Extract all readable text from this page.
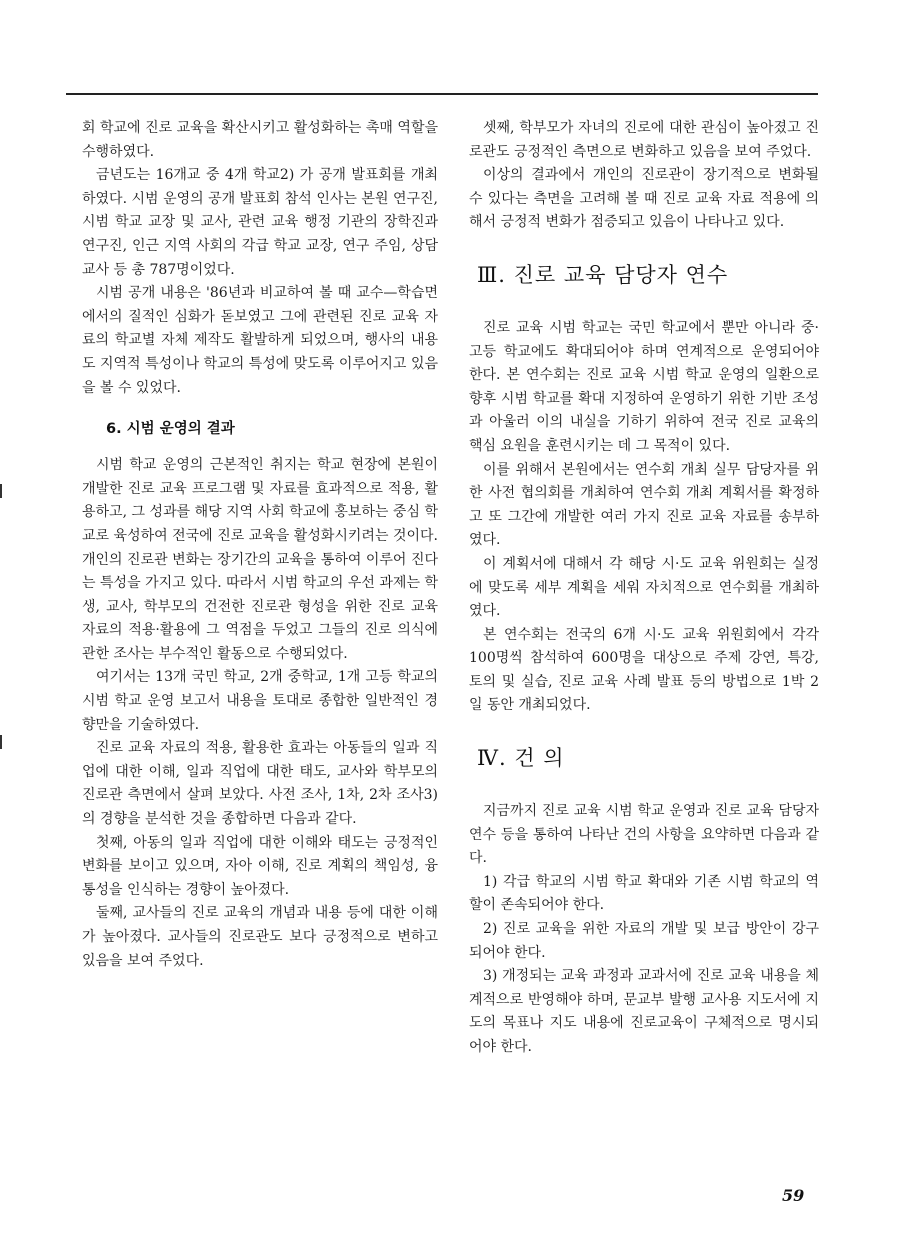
회 학교에 진로 교육을 확산시키고 활성화하는 촉매 역할을 수행하였다.

금년도는 16개교 중 4개 학교2) 가 공개 발표회를 개최하였다. 시범 운영의 공개 발표회 참석 인사는 본원 연구진, 시범 학교 교장 및 교사, 관련 교육 행정 기관의 장학진과 연구진, 인근 지역 사회의 각급 학교 교장, 연구 주임, 상담 교사 등 총 787명이었다.

시범 공개 내용은 '86년과 비교하여 볼 때 교수—학습면에서의 질적인 심화가 돋보였고 그에 관련된 진로 교육 자료의 학교별 자체 제작도 활발하게 되었으며, 행사의 내용도 지역적 특성이나 학교의 특성에 맞도록 이루어지고 있음을 볼 수 있었다.

6. 시범 운영의 결과

시범 학교 운영의 근본적인 취지는 학교 현장에 본원이 개발한 진로 교육 프로그램 및 자료를 효과적으로 적용, 활용하고, 그 성과를 해당 지역 사회 학교에 홍보하는 중심 학교로 육성하여 전국에 진로 교육을 활성화시키려는 것이다. 개인의 진로관 변화는 장기간의 교육을 통하여 이루어 진다는 특성을 가지고 있다. 따라서 시범 학교의 우선 과제는 학생, 교사, 학부모의 건전한 진로관 형성을 위한 진로 교육 자료의 적용·활용에 그 역점을 두었고 그들의 진로 의식에 관한 조사는 부수적인 활동으로 수행되었다.

여기서는 13개 국민 학교, 2개 중학교, 1개 고등 학교의 시범 학교 운영 보고서 내용을 토대로 종합한 일반적인 경향만을 기술하였다.

진로 교육 자료의 적용, 활용한 효과는 아동들의 일과 직업에 대한 이해, 일과 직업에 대한 태도, 교사와 학부모의 진로관 측면에서 살펴 보았다. 사전 조사, 1차, 2차 조사3) 의 경향을 분석한 것을 종합하면 다음과 같다.

첫째, 아동의 일과 직업에 대한 이해와 태도는 긍정적인 변화를 보이고 있으며, 자아 이해, 진로 계획의 책임성, 융통성을 인식하는 경향이 높아졌다.

둘째, 교사들의 진로 교육의 개념과 내용 등에 대한 이해가 높아졌다. 교사들의 진로관도 보다 긍정적으로 변하고 있음을 보여 주었다.

셋째, 학부모가 자녀의 진로에 대한 관심이 높아졌고 진로관도 긍정적인 측면으로 변화하고 있음을 보여 주었다.

이상의 결과에서 개인의 진로관이 장기적으로 변화될 수 있다는 측면을 고려해 볼 때 진로 교육 자료 적용에 의해서 긍정적 변화가 점증되고 있음이 나타나고 있다.

Ⅲ. 진로 교육 담당자 연수

진로 교육 시범 학교는 국민 학교에서 뿐만 아니라 중·고등 학교에도 확대되어야 하며 연계적으로 운영되어야 한다. 본 연수회는 진로 교육 시범 학교 운영의 일환으로 향후 시범 학교를 확대 지정하여 운영하기 위한 기반 조성과 아울러 이의 내실을 기하기 위하여 전국 진로 교육의 핵심 요원을 훈련시키는 데 그 목적이 있다.

이를 위해서 본원에서는 연수회 개최 실무 담당자를 위한 사전 협의회를 개최하여 연수회 개최 계획서를 확정하고 또 그간에 개발한 여러 가지 진로 교육 자료를 송부하였다.

이 계획서에 대해서 각 해당 시·도 교육 위원회는 실정에 맞도록 세부 계획을 세워 자치적으로 연수회를 개최하였다.

본 연수회는 전국의 6개 시·도 교육 위원회에서 각각 100명씩 참석하여 600명을 대상으로 주제 강연, 특강, 토의 및 실습, 진로 교육 사례 발표 등의 방법으로 1박 2일 동안 개최되었다.

Ⅳ. 건 의

지금까지 진로 교육 시범 학교 운영과 진로 교육 담당자 연수 등을 통하여 나타난 건의 사항을 요약하면 다음과 같다.

1) 각급 학교의 시범 학교 확대와 기존 시범 학교의 역할이 존속되어야 한다.

2) 진로 교육을 위한 자료의 개발 및 보급 방안이 강구되어야 한다.

3) 개정되는 교육 과정과 교과서에 진로 교육 내용을 체계적으로 반영해야 하며, 문교부 발행 교사용 지도서에 지도의 목표나 지도 내용에 진로교육이 구체적으로 명시되어야 한다.

59
